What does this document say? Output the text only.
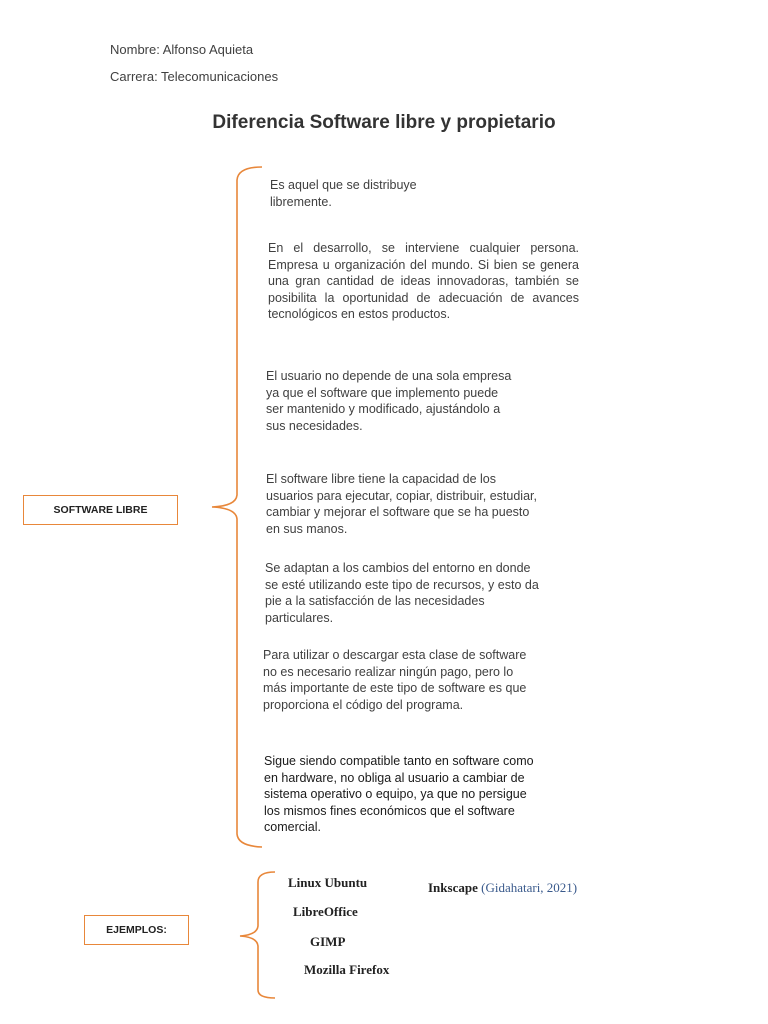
Nombre: Alfonso Aquieta
Carrera: Telecomunicaciones
Diferencia Software libre y propietario
SOFTWARE LIBRE
Es aquel que se distribuye libremente.
En el desarrollo, se interviene cualquier persona. Empresa u organización del mundo. Si bien se genera una gran cantidad de ideas innovadoras, también se posibilita la oportunidad de adecuación de avances tecnológicos en estos productos.
El usuario no depende de una sola empresa ya que el software que implemento puede ser mantenido y modificado, ajustándolo a sus necesidades.
El software libre tiene la capacidad de los usuarios para ejecutar, copiar, distribuir, estudiar, cambiar y mejorar el software que se ha puesto en sus manos.
Se adaptan a los cambios del entorno en donde se esté utilizando este tipo de recursos, y esto da pie a la satisfacción de las necesidades particulares.
Para utilizar o descargar esta clase de software no es necesario realizar ningún pago, pero lo más importante de este tipo de software es que proporciona el código del programa.
Sigue siendo compatible tanto en software como en hardware, no obliga al usuario a cambiar de sistema operativo o equipo, ya que no persigue los mismos fines económicos que el software comercial.
EJEMPLOS:
Linux Ubuntu
LibreOffice
GIMP
Mozilla Firefox
Inkscape (Gidahatari, 2021)
